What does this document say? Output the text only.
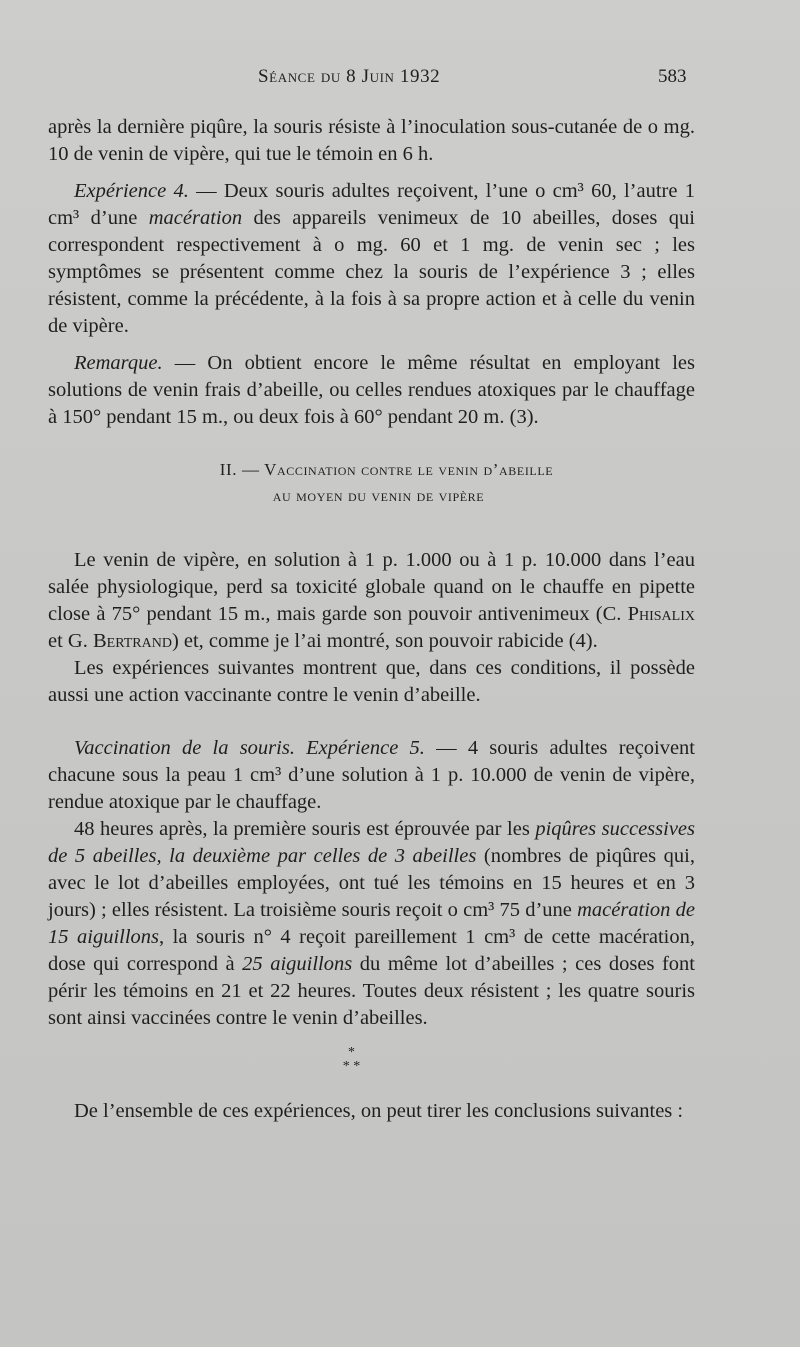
Séance du 8 Juin 1932	583

après la dernière piqûre, la souris résiste à l’inoculation sous-cutanée de o mg. 10 de venin de vipère, qui tue le témoin en 6 h.

Expérience 4. — Deux souris adultes reçoivent, l’une o cm³ 60, l’autre 1 cm³ d’une macération des appareils venimeux de 10 abeilles, doses qui correspondent respectivement à o mg. 60 et 1 mg. de venin sec ; les symptômes se présentent comme chez la souris de l’expérience 3 ; elles résistent, comme la précédente, à la fois à sa propre action et à celle du venin de vipère.

Remarque. — On obtient encore le même résultat en employant les solutions de venin frais d’abeille, ou celles rendues atoxiques par le chauffage à 150° pendant 15 m., ou deux fois à 60° pendant 20 m. (3).

II. — Vaccination contre le venin d’abeille
au moyen du venin de vipère

Le venin de vipère, en solution à 1 p. 1.000 ou à 1 p. 10.000 dans l’eau salée physiologique, perd sa toxicité globale quand on le chauffe en pipette close à 75° pendant 15 m., mais garde son pouvoir antivenimeux (C. Phisalix et G. Bertrand) et, comme je l’ai montré, son pouvoir rabicide (4).

Les expériences suivantes montrent que, dans ces conditions, il possède aussi une action vaccinante contre le venin d’abeille.

Vaccination de la souris. Expérience 5. — 4 souris adultes reçoivent chacune sous la peau 1 cm³ d’une solution à 1 p. 10.000 de venin de vipère, rendue atoxique par le chauffage.

48 heures après, la première souris est éprouvée par les piqûres successives de 5 abeilles, la deuxième par celles de 3 abeilles (nombres de piqûres qui, avec le lot d’abeilles employées, ont tué les témoins en 15 heures et en 3 jours) ; elles résistent. La troisième souris reçoit o cm³ 75 d’une macération de 15 aiguillons, la souris n° 4 reçoit pareillement 1 cm³ de cette macération, dose qui correspond à 25 aiguillons du même lot d’abeilles ; ces doses font périr les témoins en 21 et 22 heures. Toutes deux résistent ; les quatre souris sont ainsi vaccinées contre le venin d’abeilles.

*

* *

De l’ensemble de ces expériences, on peut tirer les conclusions suivantes :
